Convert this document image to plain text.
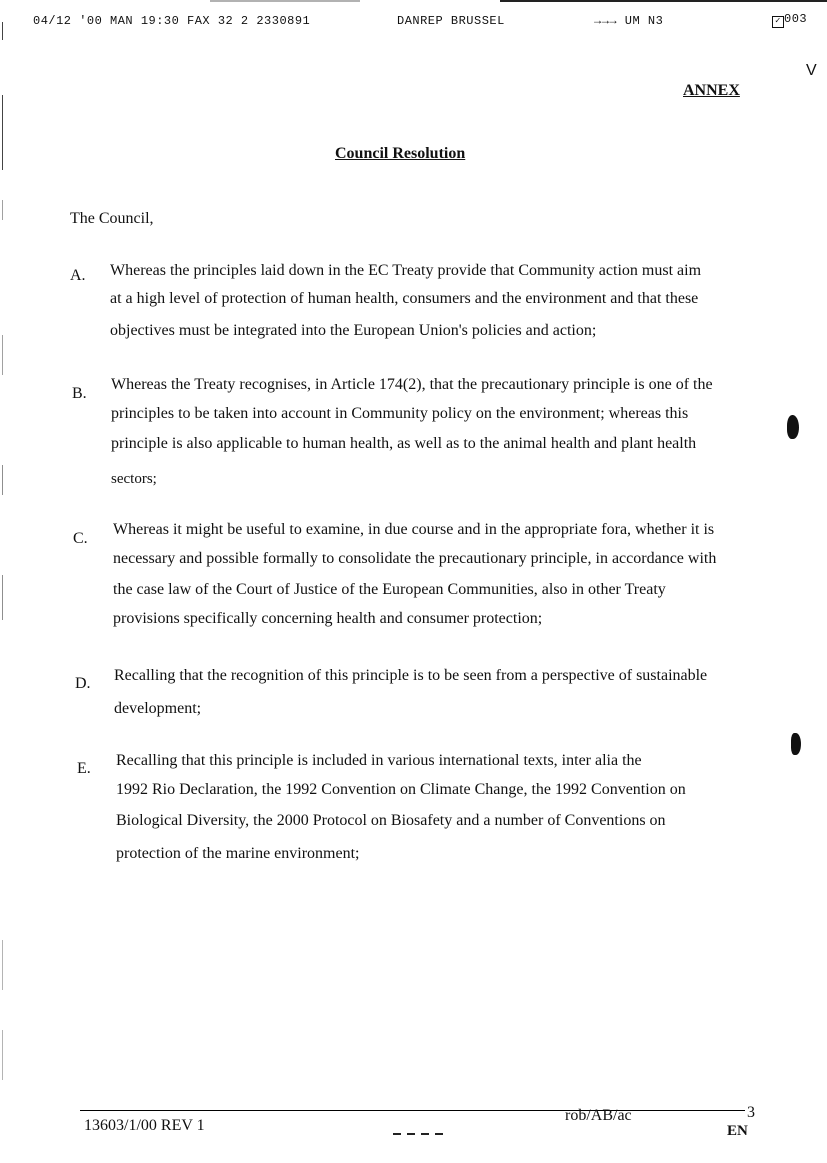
04/12 '00 MAN 19:30 FAX 32 2 2330891	DANREP BRUSSEL	→→→ UM N3	✓ 003
V
ANNEX
Council Resolution
The Council,
A. Whereas the principles laid down in the EC Treaty provide that Community action must aim
at a high level of protection of human health, consumers and the environment and that these
objectives must be integrated into the European Union's policies and action;
B.
Whereas the Treaty recognises, in Article 174(2), that the precautionary principle is one of the
principles to be taken into account in Community policy on the environment; whereas this
principle is also applicable to human health, as well as to the animal health and plant health
sectors;
C.
Whereas it might be useful to examine, in due course and in the appropriate fora, whether it is
necessary and possible formally to consolidate the precautionary principle, in accordance with
the case law of the Court of Justice of the European Communities, also in other Treaty
provisions specifically concerning health and consumer protection;
D. Recalling that the recognition of this principle is to be seen from a perspective of sustainable
development;
E. Recalling that this principle is included in various international texts, inter alia the
1992 Rio Declaration, the 1992 Convention on Climate Change, the 1992 Convention on
Biological Diversity, the 2000 Protocol on Biosafety and a number of Conventions on
protection of the marine environment;
13603/1/00 REV 1
rob/AB/ac	3
EN
